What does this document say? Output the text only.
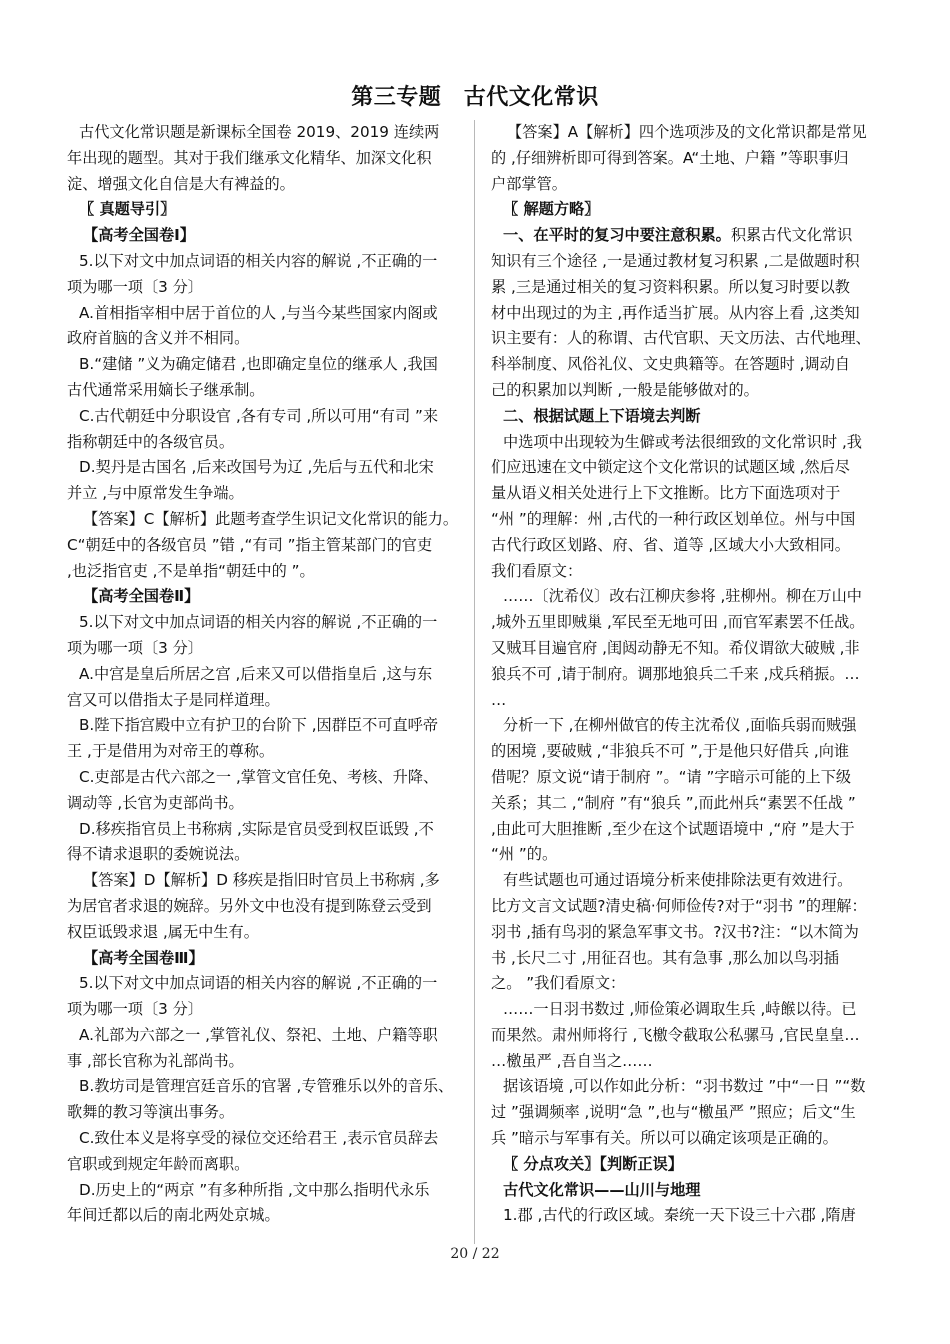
第三专题　古代文化常识
古代文化常识题是新课标全国卷 2019、2019 连续两
年出现的题型。其对于我们继承文化精华、加深文化积
淀、增强文化自信是大有裨益的。
〖 真题导引〗
【高考全国卷Ⅰ】
5.以下对文中加点词语的相关内容的解说 ,不正确的一
项为哪一项〔3 分〕
A.首相指宰相中居于首位的人 ,与当今某些国家内阁或
政府首脑的含义并不相同。
B.“建储 ”义为确定储君 ,也即确定皇位的继承人 ,我国
古代通常采用嫡长子继承制。
C.古代朝廷中分职设官 ,各有专司 ,所以可用“有司 ”来
指称朝廷中的各级官员。
D.契丹是古国名 ,后来改国号为辽 ,先后与五代和北宋
并立 ,与中原常发生争端。
【答案】C【解析】此题考查学生识记文化常识的能力。
C“朝廷中的各级官员 ”错 ,“有司 ”指主管某部门的官吏
,也泛指官吏 ,不是单指“朝廷中的 ”。
【高考全国卷Ⅱ】
5.以下对文中加点词语的相关内容的解说 ,不正确的一
项为哪一项〔3 分〕
A.中宫是皇后所居之宫 ,后来又可以借指皇后 ,这与东
宫又可以借指太子是同样道理。
B.陛下指宫殿中立有护卫的台阶下 ,因群臣不可直呼帝
王 ,于是借用为对帝王的尊称。
C.吏部是古代六部之一 ,掌管文官任免、考核、升降、
调动等 ,长官为吏部尚书。
D.移疾指官员上书称病 ,实际是官员受到权臣诋毁 ,不
得不请求退职的委婉说法。
【答案】D【解析】D 移疾是指旧时官员上书称病 ,多
为居官者求退的婉辞。另外文中也没有提到陈登云受到
权臣诋毁求退 ,属无中生有。
【高考全国卷Ⅲ】
5.以下对文中加点词语的相关内容的解说 ,不正确的一
项为哪一项〔3 分〕
A.礼部为六部之一 ,掌管礼仪、祭祀、土地、户籍等职
事 ,部长官称为礼部尚书。
B.教坊司是管理宫廷音乐的官署 ,专管雅乐以外的音乐、
歌舞的教习等演出事务。
C.致仕本义是将享受的禄位交还给君王 ,表示官员辞去
官职或到规定年龄而离职。
D.历史上的“两京 ”有多种所指 ,文中那么指明代永乐
年间迁都以后的南北两处京城。
【答案】A【解析】四个选项涉及的文化常识都是常见
的 ,仔细辨析即可得到答案。A“土地、户籍 ”等职事归
户部掌管。
〖 解题方略〗
一、在平时的复习中要注意积累。积累古代文化常识
知识有三个途径 ,一是通过教材复习积累 ,二是做题时积
累 ,三是通过相关的复习资料积累。所以复习时要以教
材中出现过的为主 ,再作适当扩展。从内容上看 ,这类知
识主要有：人的称谓、古代官职、天文历法、古代地理、
科举制度、风俗礼仪、文史典籍等。在答题时 ,调动自
己的积累加以判断 ,一般是能够做对的。
二、根据试题上下语境去判断
中选项中出现较为生僻或考法很细致的文化常识时 ,我
们应迅速在文中锁定这个文化常识的试题区域 ,然后尽
量从语义相关处进行上下文推断。比方下面选项对于
“州 ”的理解：州 ,古代的一种行政区划单位。州与中国
古代行政区划路、府、省、道等 ,区域大小大致相同。
我们看原文：
……〔沈希仪〕改右江柳庆参将 ,驻柳州。柳在万山中
,城外五里即贼巢 ,军民至无地可田 ,而官军素罢不任战。
又贼耳目遍官府 ,闺闼动静无不知。希仪谓欲大破贼 ,非
狼兵不可 ,请于制府。调那地狼兵二千来 ,戍兵稍振。…
…
分析一下 ,在柳州做官的传主沈希仪 ,面临兵弱而贼强
的困境 ,要破贼 ,“非狼兵不可 ”,于是他只好借兵 ,向谁
借呢？原文说“请于制府 ”。“请 ”字暗示可能的上下级
关系；其二 ,“制府 ”有“狼兵 ”,而此州兵“素罢不任战 ”
,由此可大胆推断 ,至少在这个试题语境中 ,“府 ”是大于
“州 ”的。
有些试题也可通过语境分析来使排除法更有效进行。
比方文言文试题?清史稿·何师俭传?对于“羽书 ”的理解：
羽书 ,插有鸟羽的紧急军事文书。?汉书?注：“以木简为
书 ,长尺二寸 ,用征召也。其有急事 ,那么加以鸟羽插
之。 ”我们看原文：
……一日羽书数过 ,师俭策必调取生兵 ,峙餱以待。已
而果然。肃州师将行 ,飞檄令截取公私骡马 ,官民皇皇…
…檄虽严 ,吾自当之……
据该语境 ,可以作如此分析：“羽书数过 ”中“一日 ”“数
过 ”强调频率 ,说明“急 ”,也与“檄虽严 ”照应；后文“生
兵 ”暗示与军事有关。所以可以确定该项是正确的。
〖 分点攻关〗【判断正误】
古代文化常识——山川与地理
1.郡 ,古代的行政区域。秦统一天下设三十六郡 ,隋唐
20 / 22
